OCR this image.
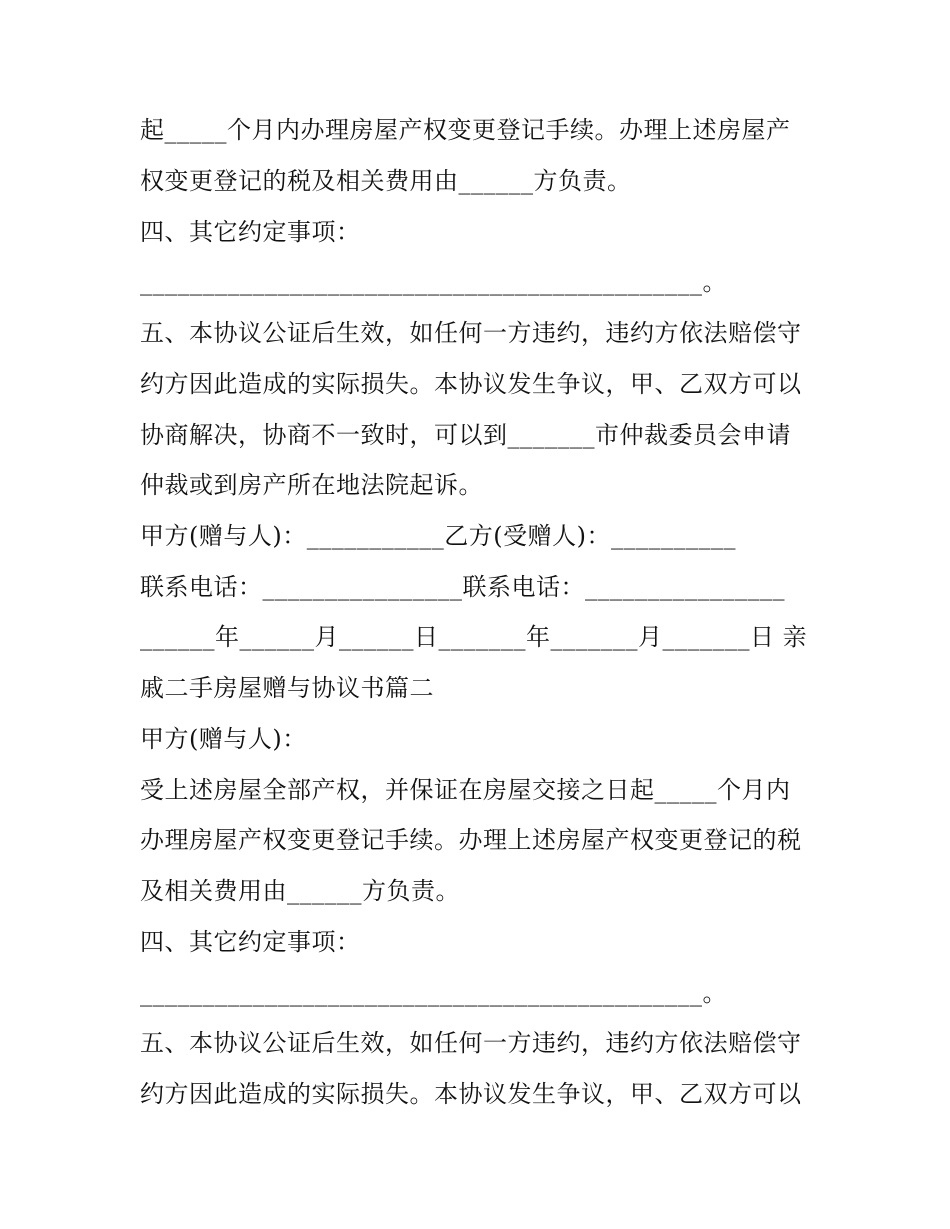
起_____个月内办理房屋产权变更登记手续。办理上述房屋产
权变更登记的税及相关费用由______方负责。
四、其它约定事项：
_____________________________________________。
五、本协议公证后生效，如任何一方违约，违约方依法赔偿守
约方因此造成的实际损失。本协议发生争议，甲、乙双方可以
协商解决，协商不一致时，可以到_______市仲裁委员会申请
仲裁或到房产所在地法院起诉。
甲方(赠与人)：___________乙方(受赠人)：__________
联系电话：________________联系电话：________________
______年______月______日_______年_______月_______日 亲
戚二手房屋赠与协议书篇二
甲方(赠与人)：
受上述房屋全部产权，并保证在房屋交接之日起_____个月内
办理房屋产权变更登记手续。办理上述房屋产权变更登记的税
及相关费用由______方负责。
四、其它约定事项：
_____________________________________________。
五、本协议公证后生效，如任何一方违约，违约方依法赔偿守
约方因此造成的实际损失。本协议发生争议，甲、乙双方可以
